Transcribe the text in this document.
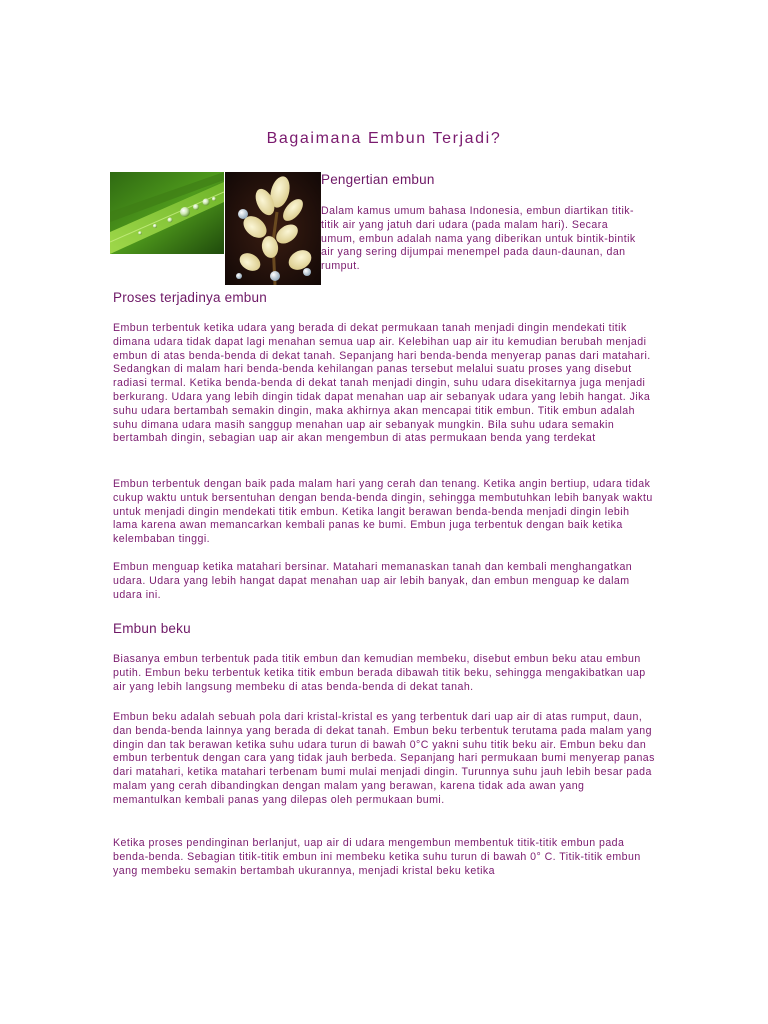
Bagaimana Embun Terjadi?
Pengertian embun

Dalam kamus umum bahasa Indonesia, embun diartikan titik-titik air yang jatuh dari udara (pada malam hari). Secara umum, embun adalah nama yang diberikan untuk bintik-bintik air yang sering dijumpai menempel pada daun-daunan, dan rumput.

Proses terjadinya embun

Embun terbentuk ketika udara yang berada di dekat permukaan tanah menjadi dingin mendekati titik dimana udara tidak dapat lagi menahan semua uap air. Kelebihan uap air itu kemudian berubah menjadi embun di atas benda-benda di dekat tanah. Sepanjang hari benda-benda menyerap panas dari matahari. Sedangkan di malam hari benda-benda kehilangan panas tersebut melalui suatu proses yang disebut radiasi termal. Ketika benda-benda di dekat tanah menjadi dingin, suhu udara disekitarnya juga menjadi berkurang. Udara yang lebih dingin tidak dapat menahan uap air sebanyak udara yang lebih hangat. Jika suhu udara bertambah semakin dingin, maka akhirnya akan mencapai titik embun. Titik embun adalah suhu dimana udara masih sanggup menahan uap air sebanyak mungkin. Bila suhu udara semakin bertambah dingin, sebagian uap air akan mengembun di atas permukaan benda yang terdekat

Embun terbentuk dengan baik pada malam hari yang cerah dan tenang. Ketika angin bertiup, udara tidak cukup waktu untuk bersentuhan dengan benda-benda dingin, sehingga membutuhkan lebih banyak waktu untuk menjadi dingin mendekati titik embun. Ketika langit berawan benda-benda menjadi dingin lebih lama karena awan memancarkan kembali panas ke bumi. Embun juga terbentuk dengan baik ketika kelembaban tinggi.

Embun menguap ketika matahari bersinar. Matahari memanaskan tanah dan kembali menghangatkan udara. Udara yang lebih hangat dapat menahan uap air lebih banyak, dan embun menguap ke dalam udara ini.

Embun beku

Biasanya embun terbentuk pada titik embun dan kemudian membeku, disebut embun beku atau embun putih. Embun beku terbentuk ketika titik embun berada dibawah titik beku, sehingga mengakibatkan uap air yang lebih langsung membeku di atas benda-benda di dekat tanah.

Embun beku adalah sebuah pola dari kristal-kristal es yang terbentuk dari uap air di atas rumput, daun, dan benda-benda lainnya yang berada di dekat tanah. Embun beku terbentuk terutama pada malam yang dingin dan tak berawan ketika suhu udara turun di bawah 0°C yakni suhu titik beku air. Embun beku dan embun terbentuk dengan cara yang tidak jauh berbeda. Sepanjang hari permukaan bumi menyerap panas dari matahari, ketika matahari terbenam bumi mulai menjadi dingin. Turunnya suhu jauh lebih besar pada malam yang cerah dibandingkan dengan malam yang berawan, karena tidak ada awan yang memantulkan kembali panas yang dilepas oleh permukaan bumi.

Ketika proses pendinginan berlanjut, uap air di udara mengembun membentuk titik-titik embun pada benda-benda. Sebagian titik-titik embun ini membeku ketika suhu turun di bawah 0° C. Titik-titik embun yang membeku semakin bertambah ukurannya, menjadi kristal beku ketika
